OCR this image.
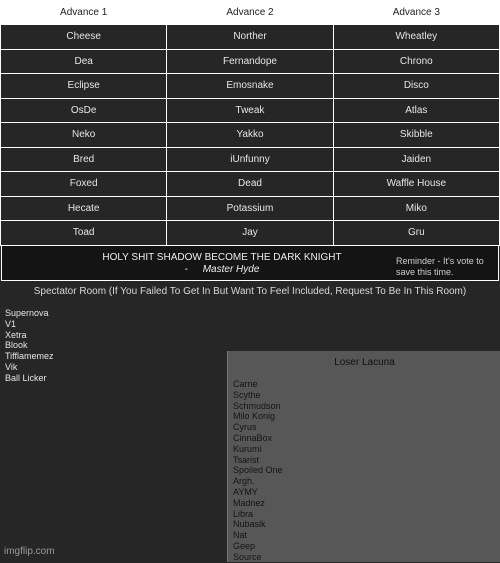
Advance 1	Advance 2	Advance 3
Cheese	Norther	Wheatley
Dea	Fernandope	Chrono
Eclipse	Emosnake	Disco
OsDe	Tweak	Atlas
Neko	Yakko	Skibble
Bred	iUnfunny	Jaiden
Foxed	Dead	Waffle House
Hecate	Potassium	Miko
Toad	Jay	Gru
HOLY SHIT SHADOW BECOME THE DARK KNIGHT
- Master Hyde
Reminder - It's vote to save this time.
Spectator Room (If You Failed To Get In But Want To Feel Included, Request To Be In This Room)
Supernova
V1
Xetra
Blook
Tifflamemez
Vik
Ball Licker
Loser Lacuna
Carne
Scythe
Schmudson
Milo Konig
Cyrus
CinnaBox
Kurumi
Tsarist
Spoiled One
Argh.
AYMY
Madnez
Libra
Nubasik
Nat
Geep
Source
imgflip.com
